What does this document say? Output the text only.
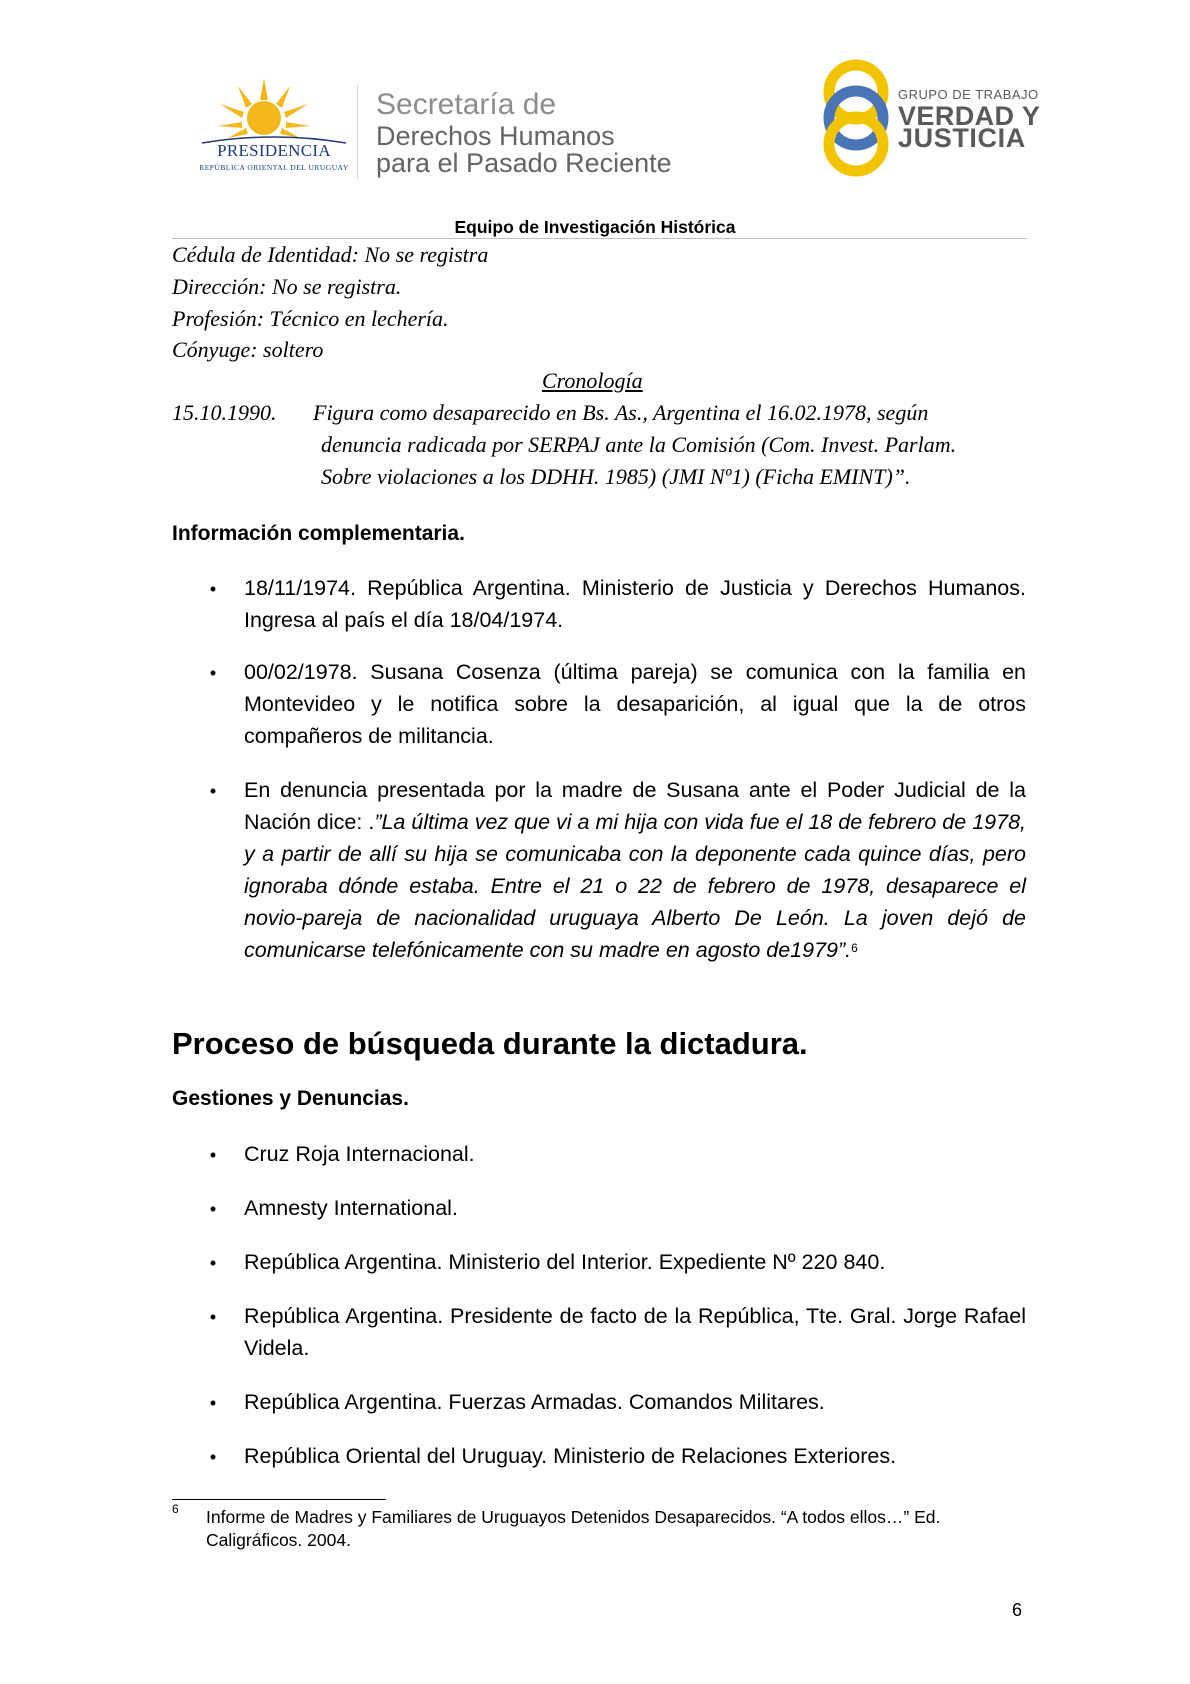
PRESIDENCIA
REPÚBLICA ORIENTAL DEL URUGUAY
Secretaría de
Derechos Humanos
para el Pasado Reciente
GRUPO DE TRABAJO
VERDAD Y
JUSTICIA
Equipo de Investigación Histórica
Cédula de Identidad: No se registra
Dirección: No se registra.
Profesión: Técnico en lechería.
Cónyuge: soltero
Cronología
15.10.1990. Figura como desaparecido en Bs. As., Argentina el 16.02.1978, según
denuncia radicada por SERPAJ ante la Comisión (Com. Invest. Parlam.
Sobre violaciones a los DDHH. 1985) (JMI Nº1) (Ficha EMINT)”.
Información complementaria.
• 18/11/1974. República Argentina. Ministerio de Justicia y Derechos Humanos. Ingresa al país el día 18/04/1974.
• 00/02/1978. Susana Cosenza (última pareja) se comunica con la familia en Montevideo y le notifica sobre la desaparición, al igual que la de otros compañeros de militancia.
• En denuncia presentada por la madre de Susana ante el Poder Judicial de la Nación dice: .”La última vez que vi a mi hija con vida fue el 18 de febrero de 1978, y a partir de allí su hija se comunicaba con la deponente cada quince días, pero ignoraba dónde estaba. Entre el 21 o 22 de febrero de 1978, desaparece el novio-pareja de nacionalidad uruguaya Alberto De León. La joven dejó de comunicarse telefónicamente con su madre en agosto de1979”.$^6$
Proceso de búsqueda durante la dictadura.
Gestiones y Denuncias.
• Cruz Roja Internacional.
• Amnesty International.
• República Argentina. Ministerio del Interior. Expediente Nº 220 840.
• República Argentina. Presidente de facto de la República, Tte. Gral. Jorge Rafael Videla.
• República Argentina. Fuerzas Armadas. Comandos Militares.
• República Oriental del Uruguay. Ministerio de Relaciones Exteriores.
6 Informe de Madres y Familiares de Uruguayos Detenidos Desaparecidos. “A todos ellos…” Ed. Caligráficos. 2004.
6
